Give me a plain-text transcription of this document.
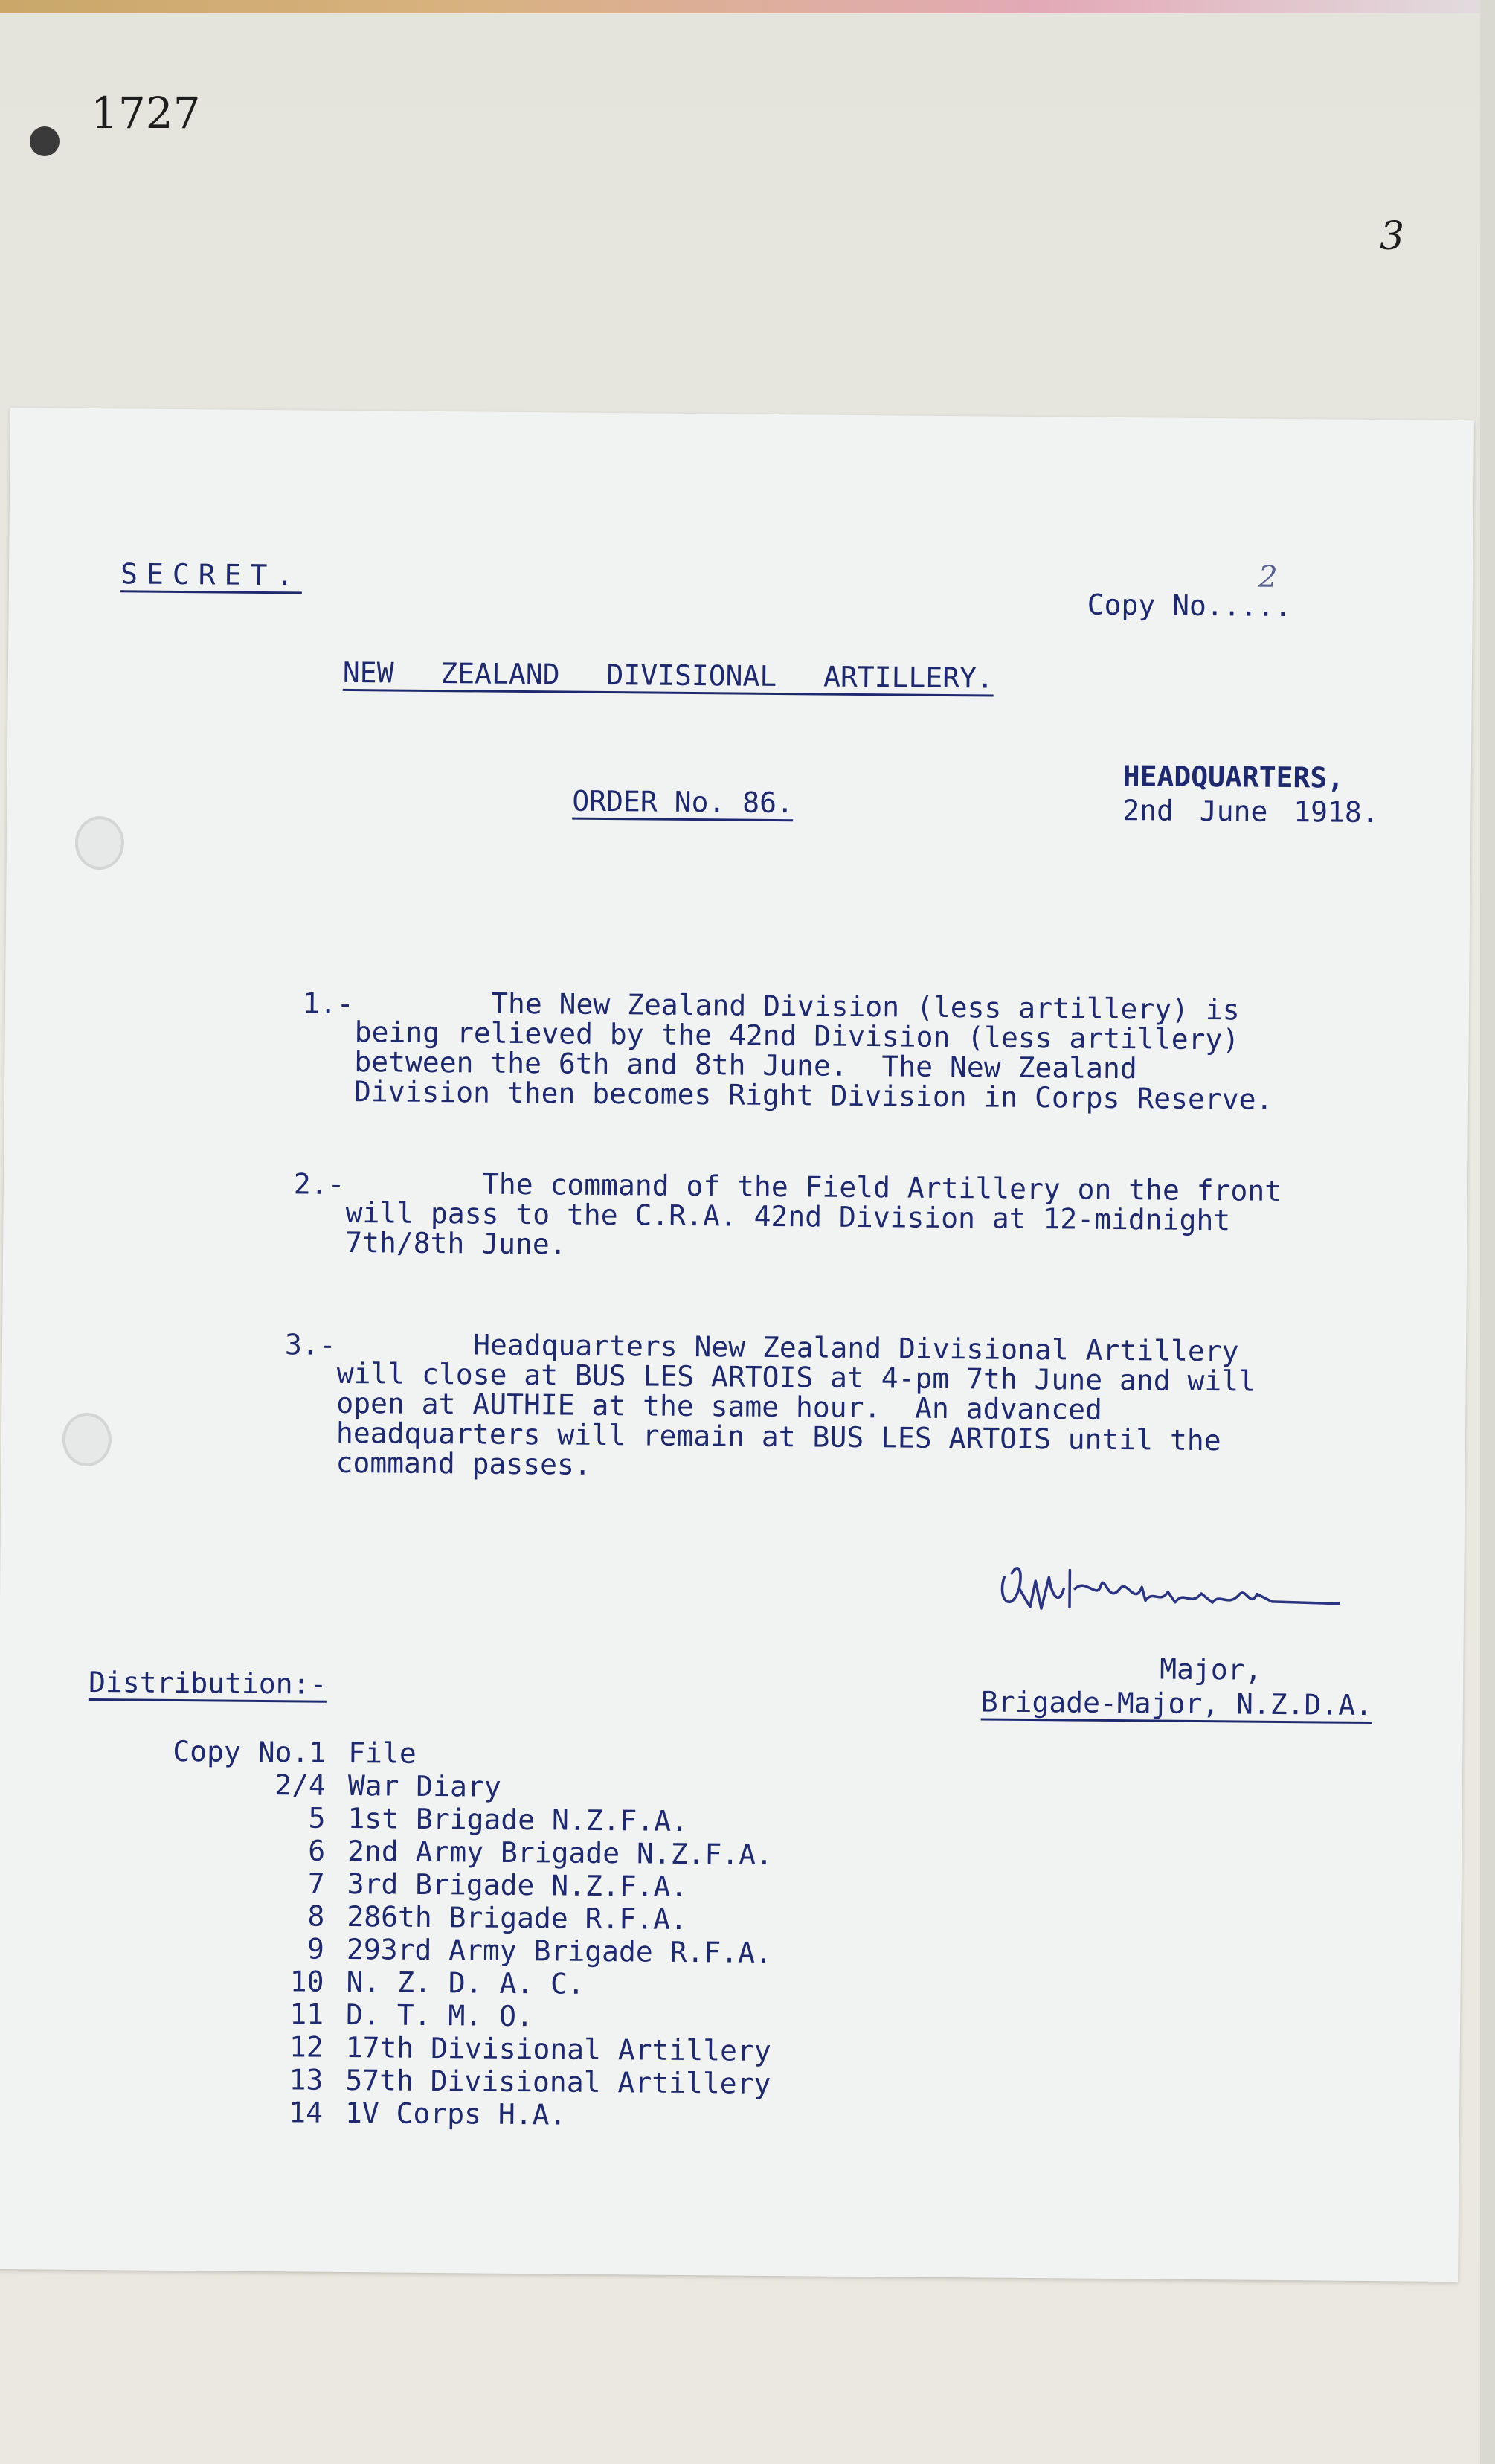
1727
3
SECRET.	2
Copy No.....
NEW ZEALAND DIVISIONAL ARTILLERY.
HEADQUARTERS,
2nd June 1918.
ORDER No. 86.
1.- The New Zealand Division (less artillery) is
being relieved by the 42nd Division (less artillery)
between the 6th and 8th June.  The New Zealand
Division then becomes Right Division in Corps Reserve.
2.- The command of the Field Artillery on the front
will pass to the C.R.A. 42nd Division at 12-midnight
7th/8th June.
3.- Headquarters New Zealand Divisional Artillery
will close at BUS LES ARTOIS at 4-pm 7th June and will
open at AUTHIE at the same hour.  An advanced
headquarters will remain at BUS LES ARTOIS until the
command passes.
Major,
Brigade-Major, N.Z.D.A.
Distribution:-
Copy No.1 File
2/4 War Diary
5 1st Brigade N.Z.F.A.
6 2nd Army Brigade N.Z.F.A.
7 3rd Brigade N.Z.F.A.
8 286th Brigade R.F.A.
9 293rd Army Brigade R.F.A.
10 N. Z. D. A. C.
11 D. T. M. O.
12 17th Divisional Artillery
13 57th Divisional Artillery
14 1V Corps H.A.
